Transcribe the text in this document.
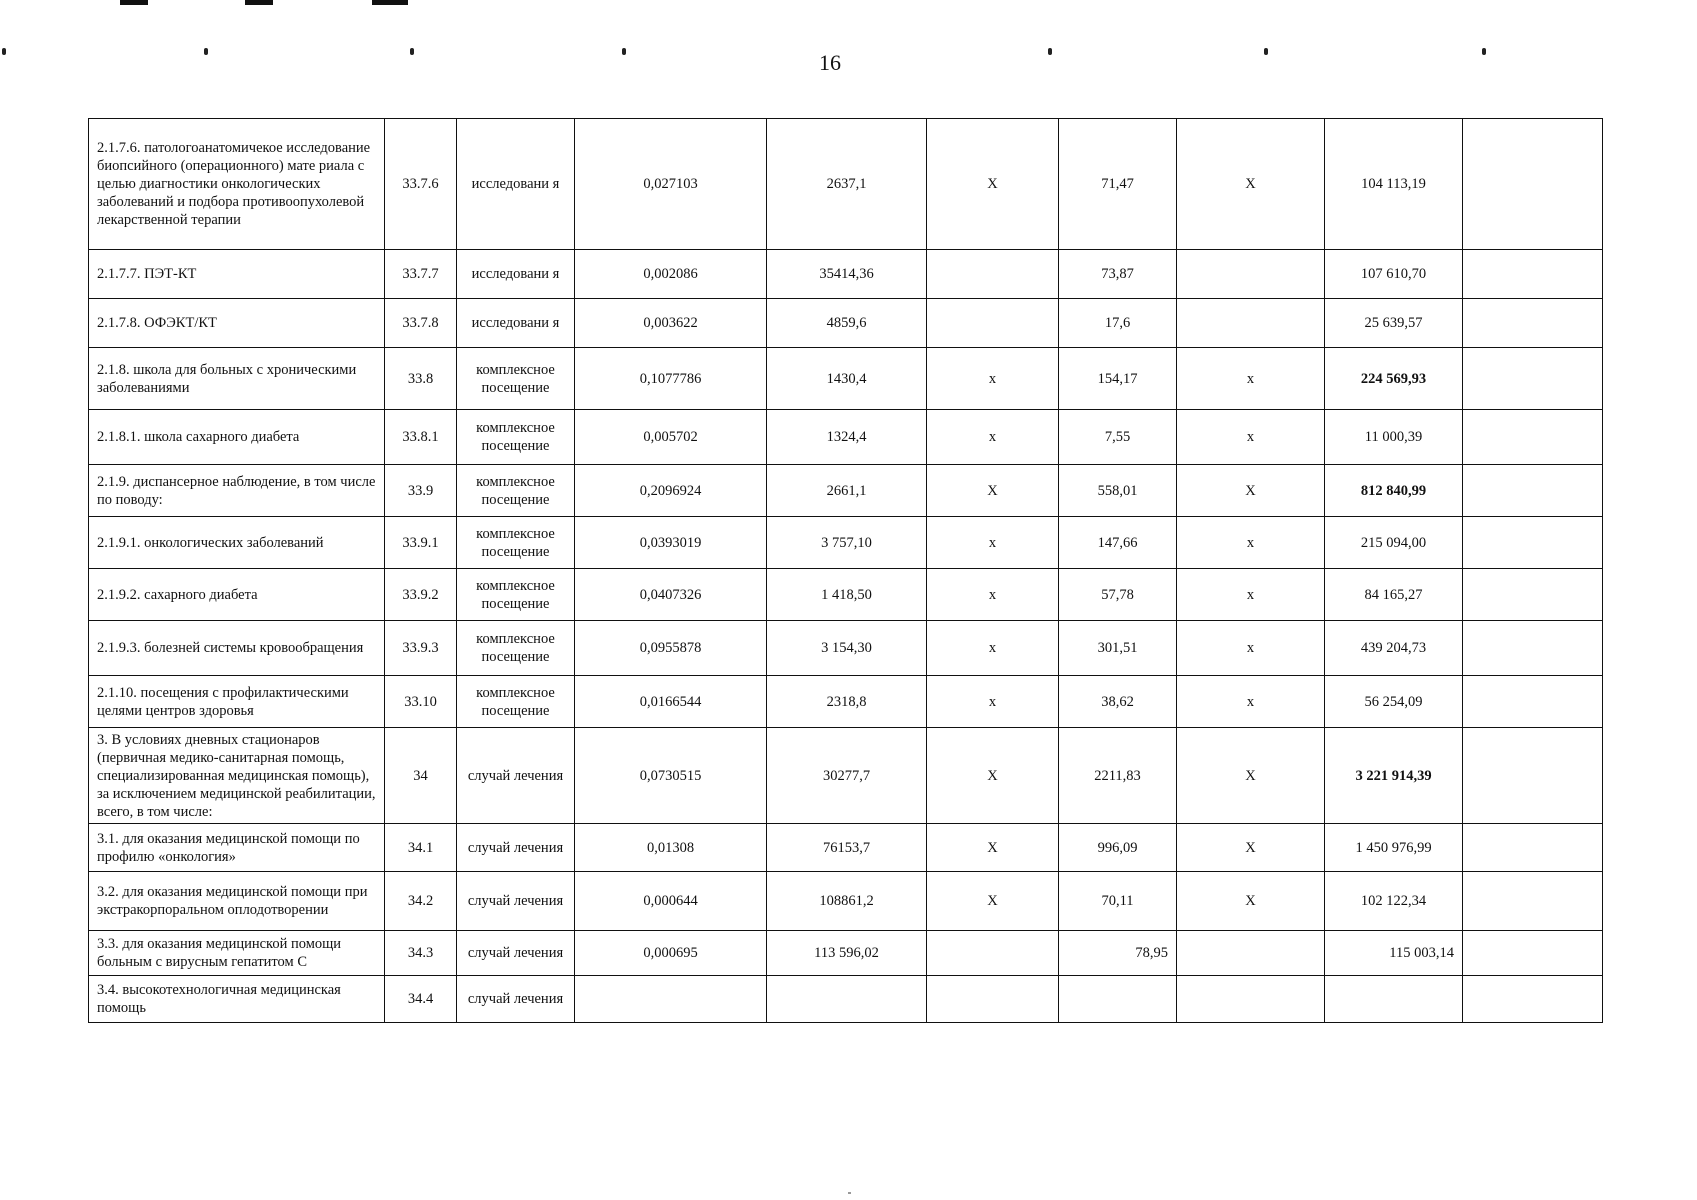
16
2.1.7.6. патологоанатомичекое исследование биопсийного (операционного) мате риала с целью диагностики онкологических заболеваний и подбора противоопухолевой лекарственной терапии	33.7.6	исследовани я	0,027103	2637,1	Х	71,47	Х	104 113,19	
2.1.7.7. ПЭТ-КТ	33.7.7	исследовани я	0,002086	35414,36		73,87		107 610,70	
2.1.7.8. ОФЭКТ/КТ	33.7.8	исследовани я	0,003622	4859,6		17,6		25 639,57	
2.1.8. школа для больных с хроническими заболеваниями	33.8	комплексное посещение	0,1077786	1430,4	х	154,17	х	224 569,93	
2.1.8.1. школа сахарного диабета	33.8.1	комплексное посещение	0,005702	1324,4	х	7,55	х	11 000,39	
2.1.9. диспансерное наблюдение, в том числе по поводу:	33.9	комплексное посещение	0,2096924	2661,1	Х	558,01	Х	812 840,99	
2.1.9.1. онкологических заболеваний	33.9.1	комплексное посещение	0,0393019	3 757,10	х	147,66	х	215 094,00	
2.1.9.2. сахарного диабета	33.9.2	комплексное посещение	0,0407326	1 418,50	х	57,78	х	84 165,27	
2.1.9.3. болезней системы кровообращения	33.9.3	комплексное посещение	0,0955878	3 154,30	х	301,51	х	439 204,73	
2.1.10. посещения с профилактическими целями центров здоровья	33.10	комплексное посещение	0,0166544	2318,8	х	38,62	х	56 254,09	
3. В условиях дневных стационаров (первичная медико-санитарная помощь, специализированная медицинская помощь), за исключением медицинской реабилитации, всего, в том числе:	34	случай лечения	0,0730515	30277,7	Х	2211,83	Х	3 221 914,39	
3.1. для оказания медицинской помощи по профилю «онкология»	34.1	случай лечения	0,01308	76153,7	Х	996,09	Х	1 450 976,99	
3.2. для оказания медицинской помощи при экстракорпоральном оплодотворении	34.2	случай лечения	0,000644	108861,2	Х	70,11	Х	102 122,34	
3.3. для оказания медицинской помощи больным с вирусным гепатитом С	34.3	случай лечения	0,000695	113 596,02		78,95		115 003,14	
3.4. высокотехнологичная медицинская помощь	34.4	случай лечения							
